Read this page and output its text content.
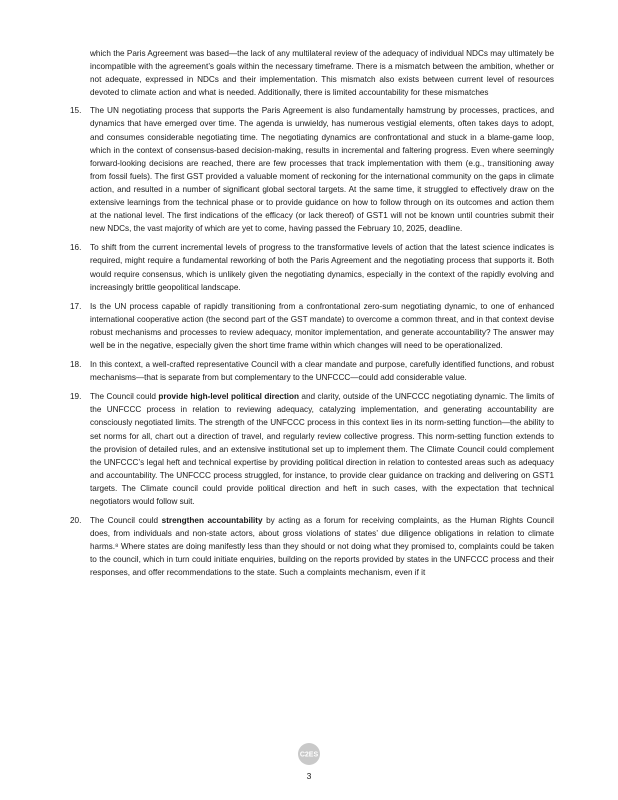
which the Paris Agreement was based—the lack of any multilateral review of the adequacy of individual NDCs may ultimately be incompatible with the agreement’s goals within the necessary timeframe. There is a mismatch between the ambition, whether or not adequate, expressed in NDCs and their implementation. This mismatch also exists between current level of resources devoted to climate action and what is needed. Additionally, there is limited accountability for these mismatches

15. The UN negotiating process that supports the Paris Agreement is also fundamentally hamstrung by processes, practices, and dynamics that have emerged over time. The agenda is unwieldy, has numerous vestigial elements, often takes days to adopt, and consumes considerable negotiating time. The negotiating dynamics are confrontational and stuck in a blame-game loop, which in the context of consensus-based decision-making, results in incremental and faltering progress. Even where seemingly forward-looking decisions are reached, there are few processes that track implementation with them (e.g., transitioning away from fossil fuels). The first GST provided a valuable moment of reckoning for the international community on the gaps in climate action, and resulted in a number of significant global sectoral targets. At the same time, it struggled to effectively draw on the extensive learnings from the technical phase or to provide guidance on how to follow through on its outcomes and action them at the national level. The first indications of the efficacy (or lack thereof) of GST1 will not be known until countries submit their new NDCs, the vast majority of which are yet to come, having passed the February 10, 2025, deadline.
16. To shift from the current incremental levels of progress to the transformative levels of action that the latest science indicates is required, might require a fundamental reworking of both the Paris Agreement and the negotiating process that supports it. Both would require consensus, which is unlikely given the negotiating dynamics, especially in the context of the rapidly evolving and increasingly brittle geopolitical landscape.
17. Is the UN process capable of rapidly transitioning from a confrontational zero-sum negotiating dynamic, to one of enhanced international cooperative action (the second part of the GST mandate) to overcome a common threat, and in that context devise robust mechanisms and processes to review adequacy, monitor implementation, and generate accountability? The answer may well be in the negative, especially given the short time frame within which changes will need to be operationalized.
18. In this context, a well-crafted representative Council with a clear mandate and purpose, carefully identified functions, and robust mechanisms—that is separate from but complementary to the UNFCCC—could add considerable value.
19. The Council could provide high-level political direction and clarity, outside of the UNFCCC negotiating dynamic. The limits of the UNFCCC process in relation to reviewing adequacy, catalyzing implementation, and generating accountability are consciously negotiated limits. The strength of the UNFCCC process in this context lies in its norm-setting function—the ability to set norms for all, chart out a direction of travel, and regularly review collective progress. This norm-setting function extends to the provision of detailed rules, and an extensive institutional set up to implement them. The Climate Council could complement the UNFCCC’s legal heft and technical expertise by providing political direction in relation to contested areas such as adequacy and accountability. The UNFCCC process struggled, for instance, to provide clear guidance on tracking and delivering on GST1 targets. The Climate council could provide political direction and heft in such cases, with the expectation that technical negotiators would follow suit.
20. The Council could strengthen accountability by acting as a forum for receiving complaints, as the Human Rights Council does, from individuals and non-state actors, about gross violations of states’ due diligence obligations in relation to climate harms.⁸ Where states are doing manifestly less than they should or not doing what they promised to, complaints could be taken to the council, which in turn could initiate enquiries, building on the reports provided by states in the UNFCCC process and their responses, and offer recommendations to the state. Such a complaints mechanism, even if it
C2ES
3
